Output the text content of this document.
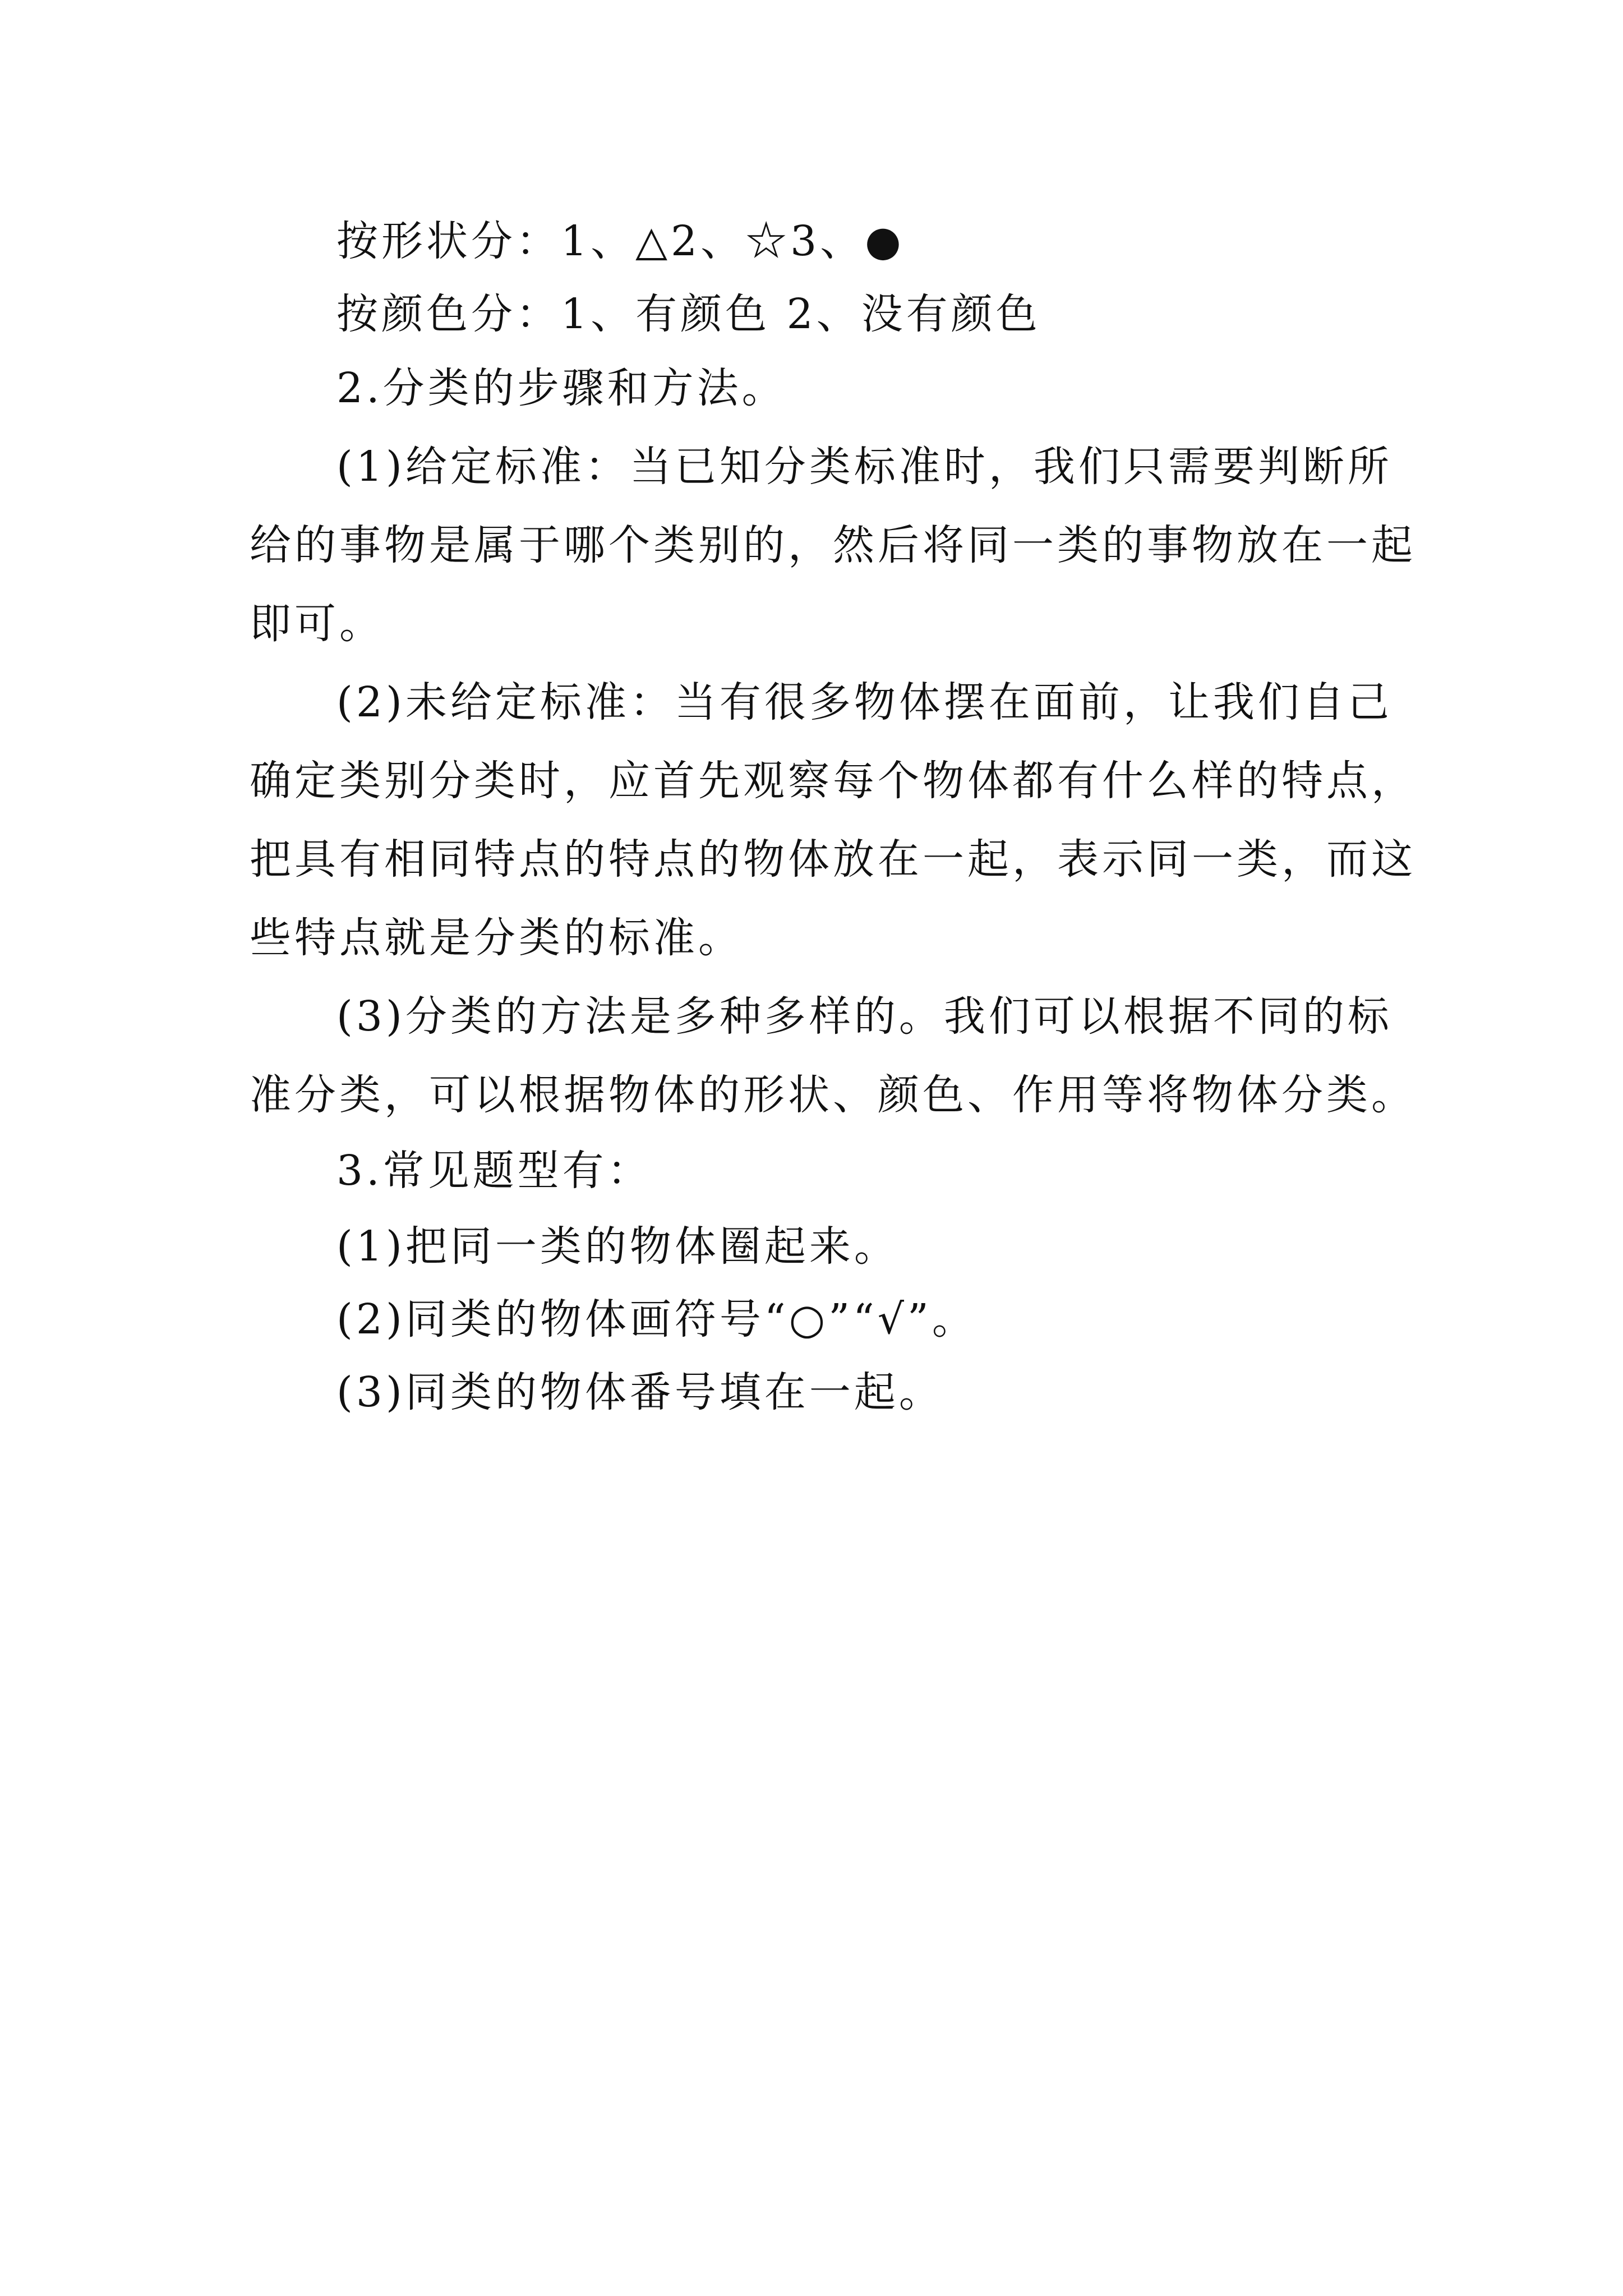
按形状分：1、△2、☆3、●
按颜色分：1、有颜色 2、没有颜色
2.分类的步骤和方法。
(1)给定标准：当已知分类标准时，我们只需要判断所
给的事物是属于哪个类别的，然后将同一类的事物放在一起
即可。
(2)未给定标准：当有很多物体摆在面前，让我们自己
确定类别分类时，应首先观察每个物体都有什么样的特点，
把具有相同特点的特点的物体放在一起，表示同一类，而这
些特点就是分类的标准。
(3)分类的方法是多种多样的。我们可以根据不同的标
准分类，可以根据物体的形状、颜色、作用等将物体分类。
3.常见题型有：
(1)把同一类的物体圈起来。
(2)同类的物体画符号“○”“√”。
(3)同类的物体番号填在一起。
